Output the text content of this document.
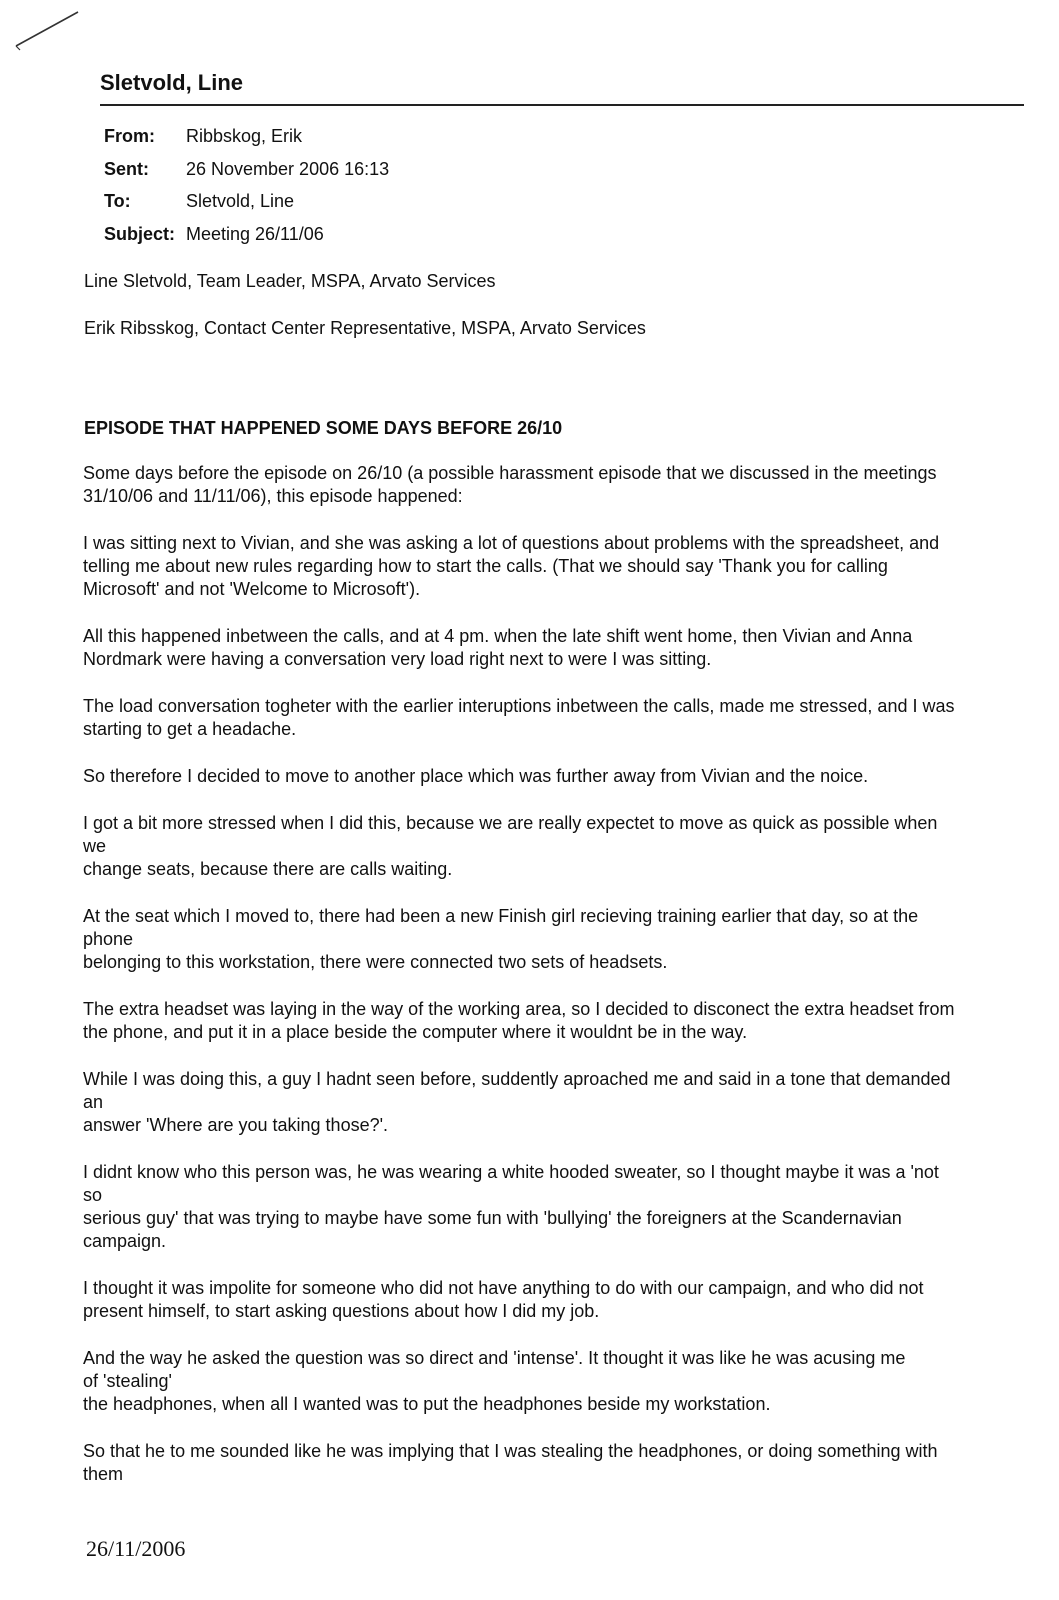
Sletvold, Line
From:	Ribbskog, Erik
Sent:	26 November 2006 16:13
To:	Sletvold, Line
Subject: Meeting 26/11/06

Line Sletvold, Team Leader, MSPA, Arvato Services

Erik Ribsskog, Contact Center Representative, MSPA, Arvato Services

EPISODE THAT HAPPENED SOME DAYS BEFORE 26/10

Some days before the episode on 26/10 (a possible harassment episode that we discussed in the meetings
31/10/06 and 11/11/06), this episode happened:

I was sitting next to Vivian, and she was asking a lot of questions about problems with the spreadsheet, and
telling me about new rules regarding how to start the calls. (That we should say 'Thank you for calling
Microsoft' and not 'Welcome to Microsoft').

All this happened inbetween the calls, and at 4 pm. when the late shift went home, then Vivian and Anna
Nordmark were having a conversation very load right next to were I was sitting.

The load conversation togheter with the earlier interuptions inbetween the calls, made me stressed, and I was
starting to get a headache.

So therefore I decided to move to another place which was further away from Vivian and the noice.

I got a bit more stressed when I did this, because we are really expectet to move as quick as possible when
we
change seats, because there are calls waiting.

At the seat which I moved to, there had been a new Finish girl recieving training earlier that day, so at the
phone
belonging to this workstation, there were connected two sets of headsets.

The extra headset was laying in the way of the working area, so I decided to disconect the extra headset from
the phone, and put it in a place beside the computer where it wouldnt be in the way.

While I was doing this, a guy I hadnt seen before, suddently aproached me and said in a tone that demanded
an
answer 'Where are you taking those?'.

I didnt know who this person was, he was wearing a white hooded sweater, so I thought maybe it was a 'not
so
serious guy' that was trying to maybe have some fun with 'bullying' the foreigners at the Scandernavian
campaign.

I thought it was impolite for someone who did not have anything to do with our campaign, and who did not
present himself, to start asking questions about how I did my job.

And the way he asked the question was so direct and 'intense'. It thought it was like he was acusing me
of 'stealing'
the headphones, when all I wanted was to put the headphones beside my workstation.

So that he to me sounded like he was implying that I was stealing the headphones, or doing something with
them

26/11/2006
